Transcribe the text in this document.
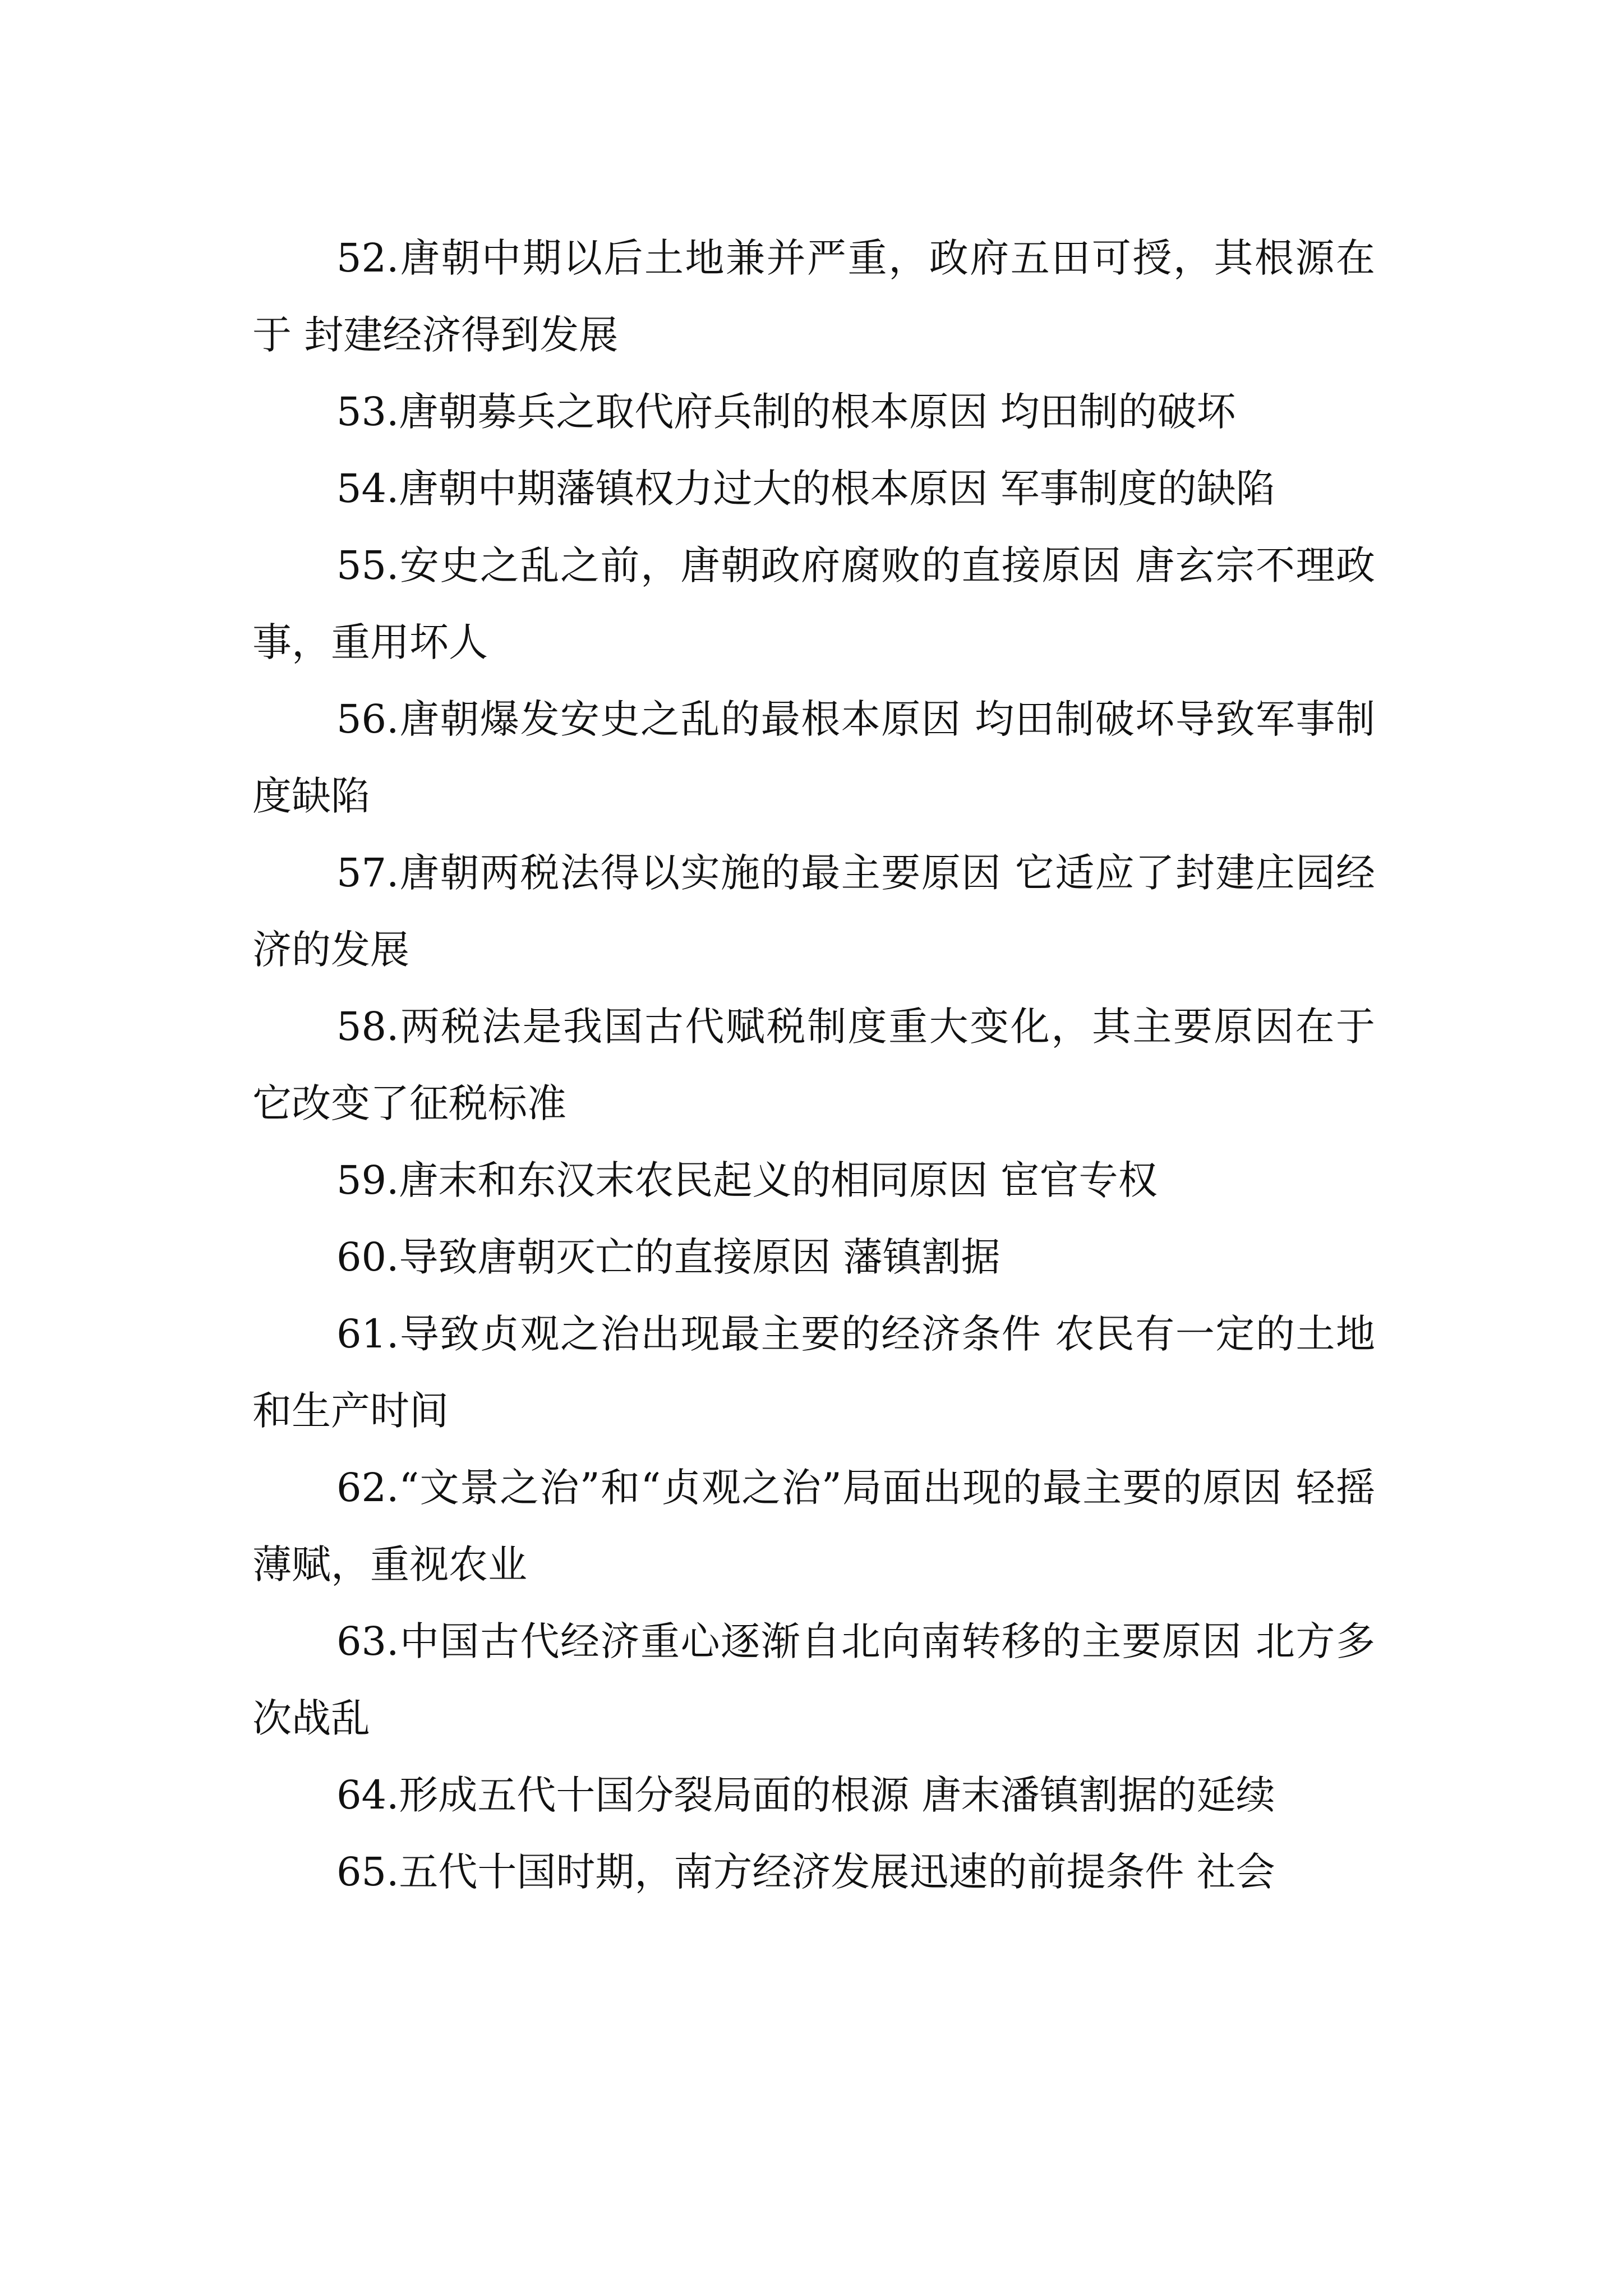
52.唐朝中期以后土地兼并严重，政府五田可授，其根源在于 封建经济得到发展

53.唐朝募兵之取代府兵制的根本原因 均田制的破坏

54.唐朝中期藩镇权力过大的根本原因 军事制度的缺陷

55.安史之乱之前，唐朝政府腐败的直接原因 唐玄宗不理政事，重用坏人

56.唐朝爆发安史之乱的最根本原因 均田制破坏导致军事制度缺陷

57.唐朝两税法得以实施的最主要原因 它适应了封建庄园经济的发展

58.两税法是我国古代赋税制度重大变化，其主要原因在于 它改变了征税标准

59.唐末和东汉末农民起义的相同原因 宦官专权

60.导致唐朝灭亡的直接原因 藩镇割据

61.导致贞观之治出现最主要的经济条件 农民有一定的土地和生产时间

62.“文景之治”和“贞观之治”局面出现的最主要的原因 轻摇薄赋，重视农业

63.中国古代经济重心逐渐自北向南转移的主要原因 北方多次战乱

64.形成五代十国分裂局面的根源 唐末潘镇割据的延续

65.五代十国时期，南方经济发展迅速的前提条件 社会
